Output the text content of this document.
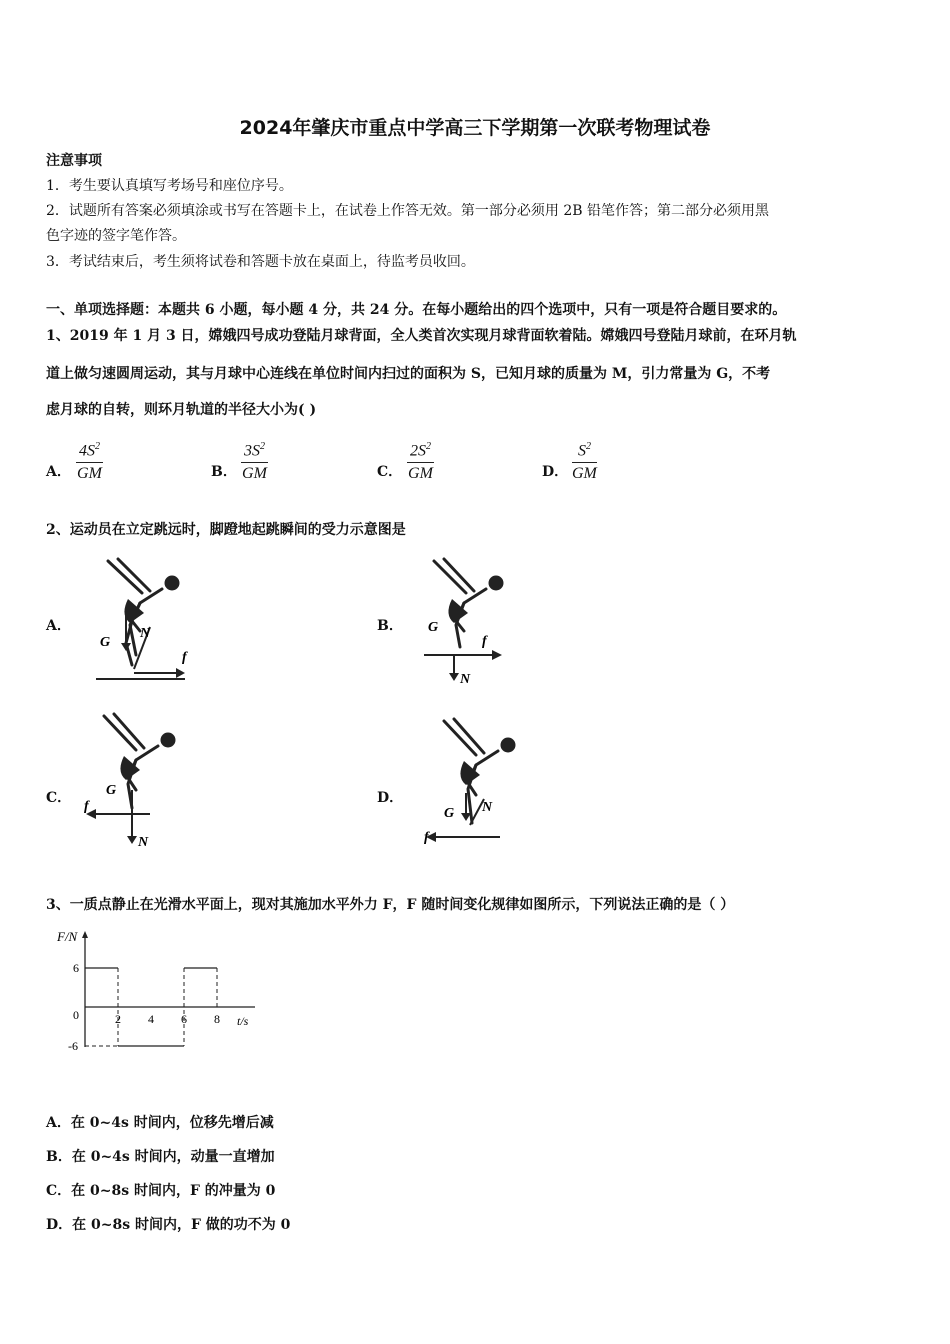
2024年肇庆市重点中学高三下学期第一次联考物理试卷
注意事项
1．考生要认真填写考场号和座位序号。
2．试题所有答案必须填涂或书写在答题卡上，在试卷上作答无效。第一部分必须用 2B 铅笔作答；第二部分必须用黑
色字迹的签字笔作答。
3．考试结束后，考生须将试卷和答题卡放在桌面上，待监考员收回。
一、单项选择题：本题共 6 小题，每小题 4 分，共 24 分。在每小题给出的四个选项中，只有一项是符合题目要求的。
1、2019 年 1 月 3 日，嫦娥四号成功登陆月球背面，全人类首次实现月球背面软着陆。嫦娥四号登陆月球前，在环月轨
道上做匀速圆周运动，其与月球中心连线在单位时间内扫过的面积为 S，已知月球的质量为 M，引力常量为 G，不考
虑月球的自转，则环月轨道的半径大小为( )
A． $\frac{4S^2}{GM}$	B． $\frac{3S^2}{GM}$	C． $\frac{2S^2}{GM}$	D． $\frac{S^2}{GM}$
2、运动员在立定跳远时，脚蹬地起跳瞬间的受力示意图是
A．	B．
C．	D．
G
N
f
G
N
f
G
N
f	G N
f
3、一质点静止在光滑水平面上，现对其施加水平外力 F，F 随时间变化规律如图所示，下列说法正确的是（ ）
F/N
t/s
2 4 6 8
6
0
-6
A．在 0~4s 时间内，位移先增后减
B．在 0~4s 时间内，动量一直增加
C．在 0~8s 时间内，F 的冲量为 0
D．在 0~8s 时间内，F 做的功不为 0
